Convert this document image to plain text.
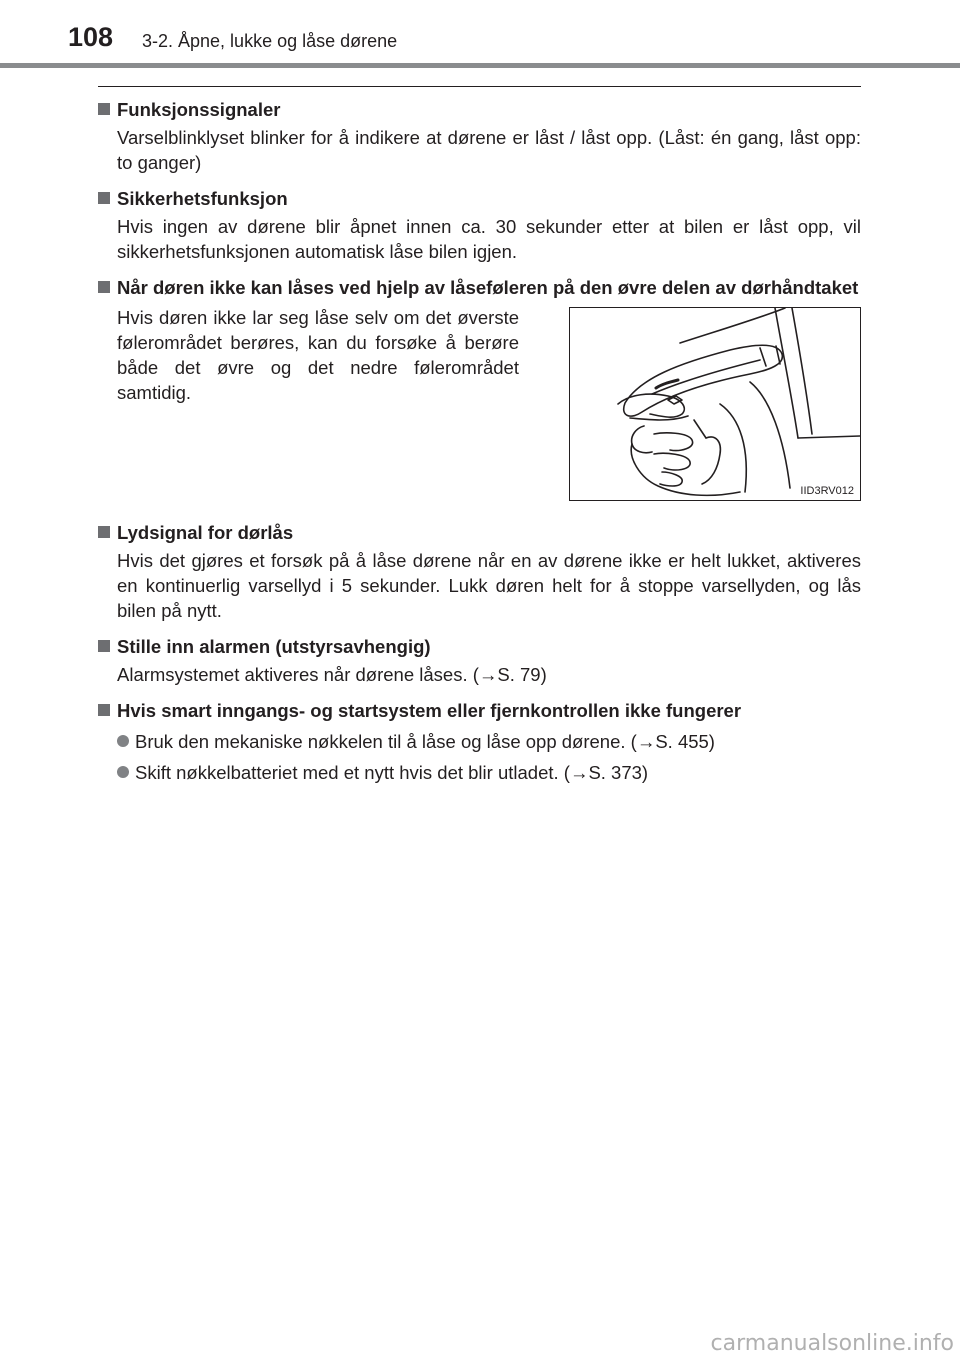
108 3-2. Åpne, lukke og låse dørene
Funksjonssignaler
Varselblinklyset blinker for å indikere at dørene er låst / låst opp. (Låst: én gang, låst opp: to ganger)
Sikkerhetsfunksjon
Hvis ingen av dørene blir åpnet innen ca. 30 sekunder etter at bilen er låst opp, vil sikkerhetsfunksjonen automatisk låse bilen igjen.
Når døren ikke kan låses ved hjelp av låseføleren på den øvre delen av dørhåndtaket
Hvis døren ikke lar seg låse selv om det øverste følerområdet berøres, kan du forsøke å berøre både det øvre og det nedre følerområdet samtidig.
IID3RV012
Lydsignal for dørlås
Hvis det gjøres et forsøk på å låse dørene når en av dørene ikke er helt lukket, aktiveres en kontinuerlig varsellyd i 5 sekunder. Lukk døren helt for å stoppe varsellyden, og lås bilen på nytt.
Stille inn alarmen (utstyrsavhengig)
Alarmsystemet aktiveres når dørene låses. (→S. 79)
Hvis smart inngangs- og startsystem eller fjernkontrollen ikke fungerer
Bruk den mekaniske nøkkelen til å låse og låse opp dørene. (→S. 455)
Skift nøkkelbatteriet med et nytt hvis det blir utladet. (→S. 373)
carmanualsonline.info
